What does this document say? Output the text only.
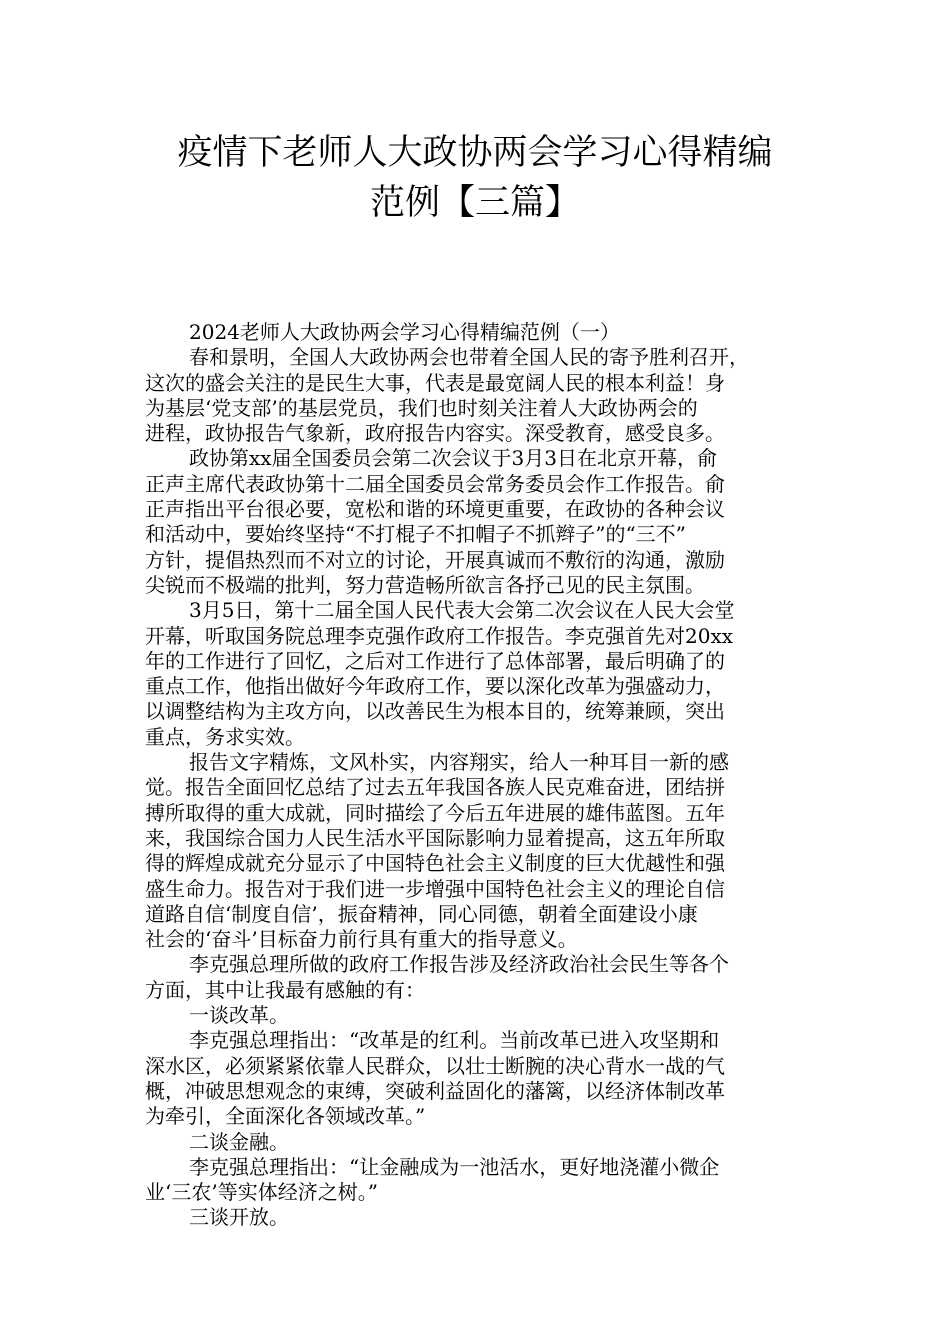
疫情下老师人大政协两会学习心得精编
范例【三篇】
2024老师人大政协两会学习心得精编范例（一）
春和景明，全国人大政协两会也带着全国人民的寄予胜利召开，
这次的盛会关注的是民生大事，代表是最宽阔人民的根本利益！身
为基层‘党支部’的基层党员，我们也时刻关注着人大政协两会的
进程，政协报告气象新，政府报告内容实。深受教育，感受良多。
政协第xx届全国委员会第二次会议于3月3日在北京开幕，俞
正声主席代表政协第十二届全国委员会常务委员会作工作报告。俞
正声指出平台很必要，宽松和谐的环境更重要，在政协的各种会议
和活动中，要始终坚持“不打棍子不扣帽子不抓辫子”的“三不”
方针，提倡热烈而不对立的讨论，开展真诚而不敷衍的沟通，激励
尖锐而不极端的批判，努力营造畅所欲言各抒己见的民主氛围。
3月5日，第十二届全国人民代表大会第二次会议在人民大会堂
开幕，听取国务院总理李克强作政府工作报告。李克强首先对20xx
年的工作进行了回忆，之后对工作进行了总体部署，最后明确了的
重点工作，他指出做好今年政府工作，要以深化改革为强盛动力，
以调整结构为主攻方向，以改善民生为根本目的，统筹兼顾，突出
重点，务求实效。
报告文字精炼，文风朴实，内容翔实，给人一种耳目一新的感
觉。报告全面回忆总结了过去五年我国各族人民克难奋进，团结拼
搏所取得的重大成就，同时描绘了今后五年进展的雄伟蓝图。五年
来，我国综合国力人民生活水平国际影响力显着提高，这五年所取
得的辉煌成就充分显示了中国特色社会主义制度的巨大优越性和强
盛生命力。报告对于我们进一步增强中国特色社会主义的理论自信
道路自信‘制度自信’，振奋精神，同心同德，朝着全面建设小康
社会的‘奋斗’目标奋力前行具有重大的指导意义。
李克强总理所做的政府工作报告涉及经济政治社会民生等各个
方面，其中让我最有感触的有：
一谈改革。
李克强总理指出：“改革是的红利。当前改革已进入攻坚期和
深水区，必须紧紧依靠人民群众，以壮士断腕的决心背水一战的气
概，冲破思想观念的束缚，突破利益固化的藩篱，以经济体制改革
为牵引，全面深化各领域改革。”
二谈金融。
李克强总理指出：“让金融成为一池活水，更好地浇灌小微企
业‘三农’等实体经济之树。”
三谈开放。
